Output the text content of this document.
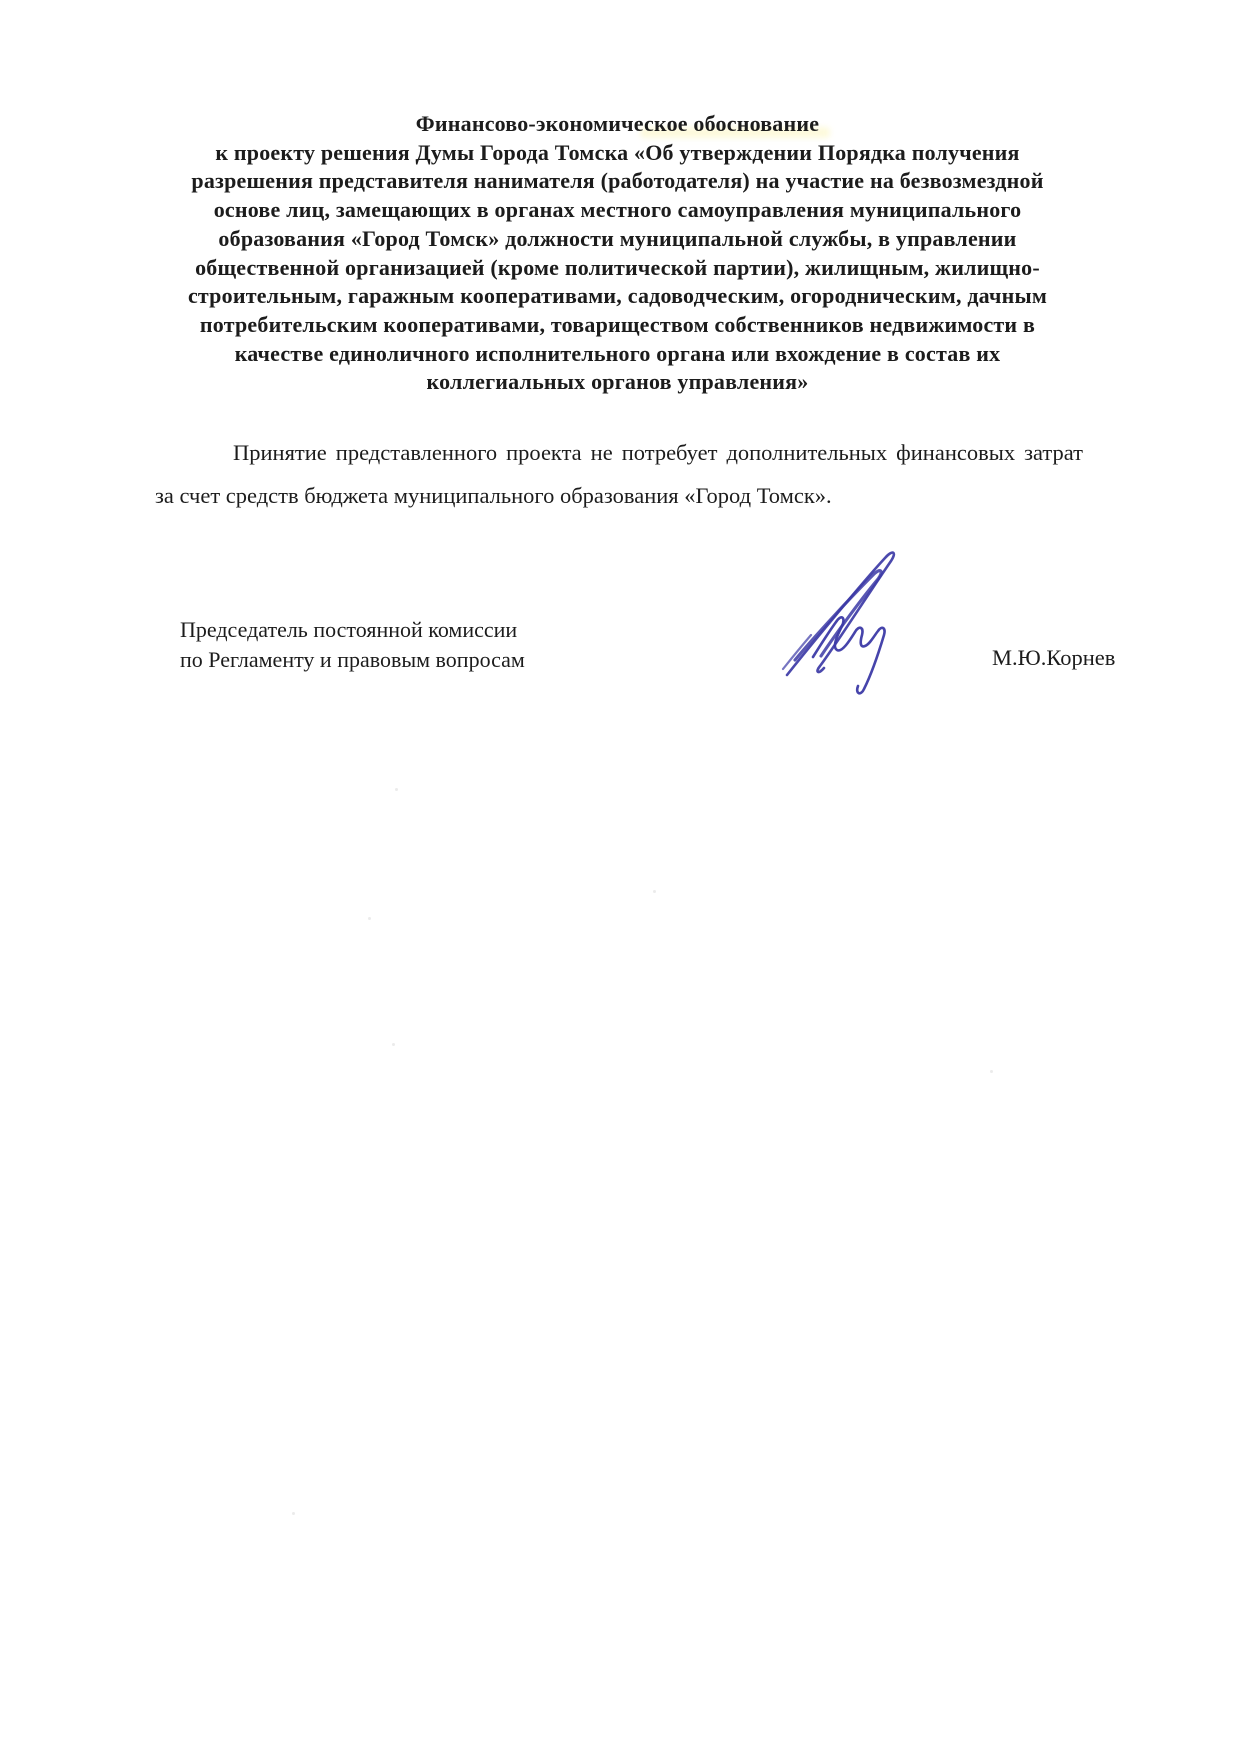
Финансово-экономическое обоснование
к проекту решения Думы Города Томска «Об утверждении Порядка получения
разрешения представителя нанимателя (работодателя) на участие на безвозмездной
основе лиц, замещающих в органах местного самоуправления муниципального
образования «Город Томск» должности муниципальной службы, в управлении
общественной организацией (кроме политической партии), жилищным, жилищно-
строительным, гаражным кооперативами, садоводческим, огородническим, дачным
потребительским кооперативами, товариществом собственников недвижимости в
качестве единоличного исполнительного органа или вхождение в состав их
коллегиальных органов управления»

Принятие представленного проекта не потребует дополнительных финансовых затрат за счет средств бюджета муниципального образования «Город Томск».

Председатель постоянной комиссии
по Регламенту и правовым вопросам	М.Ю.Корнев
